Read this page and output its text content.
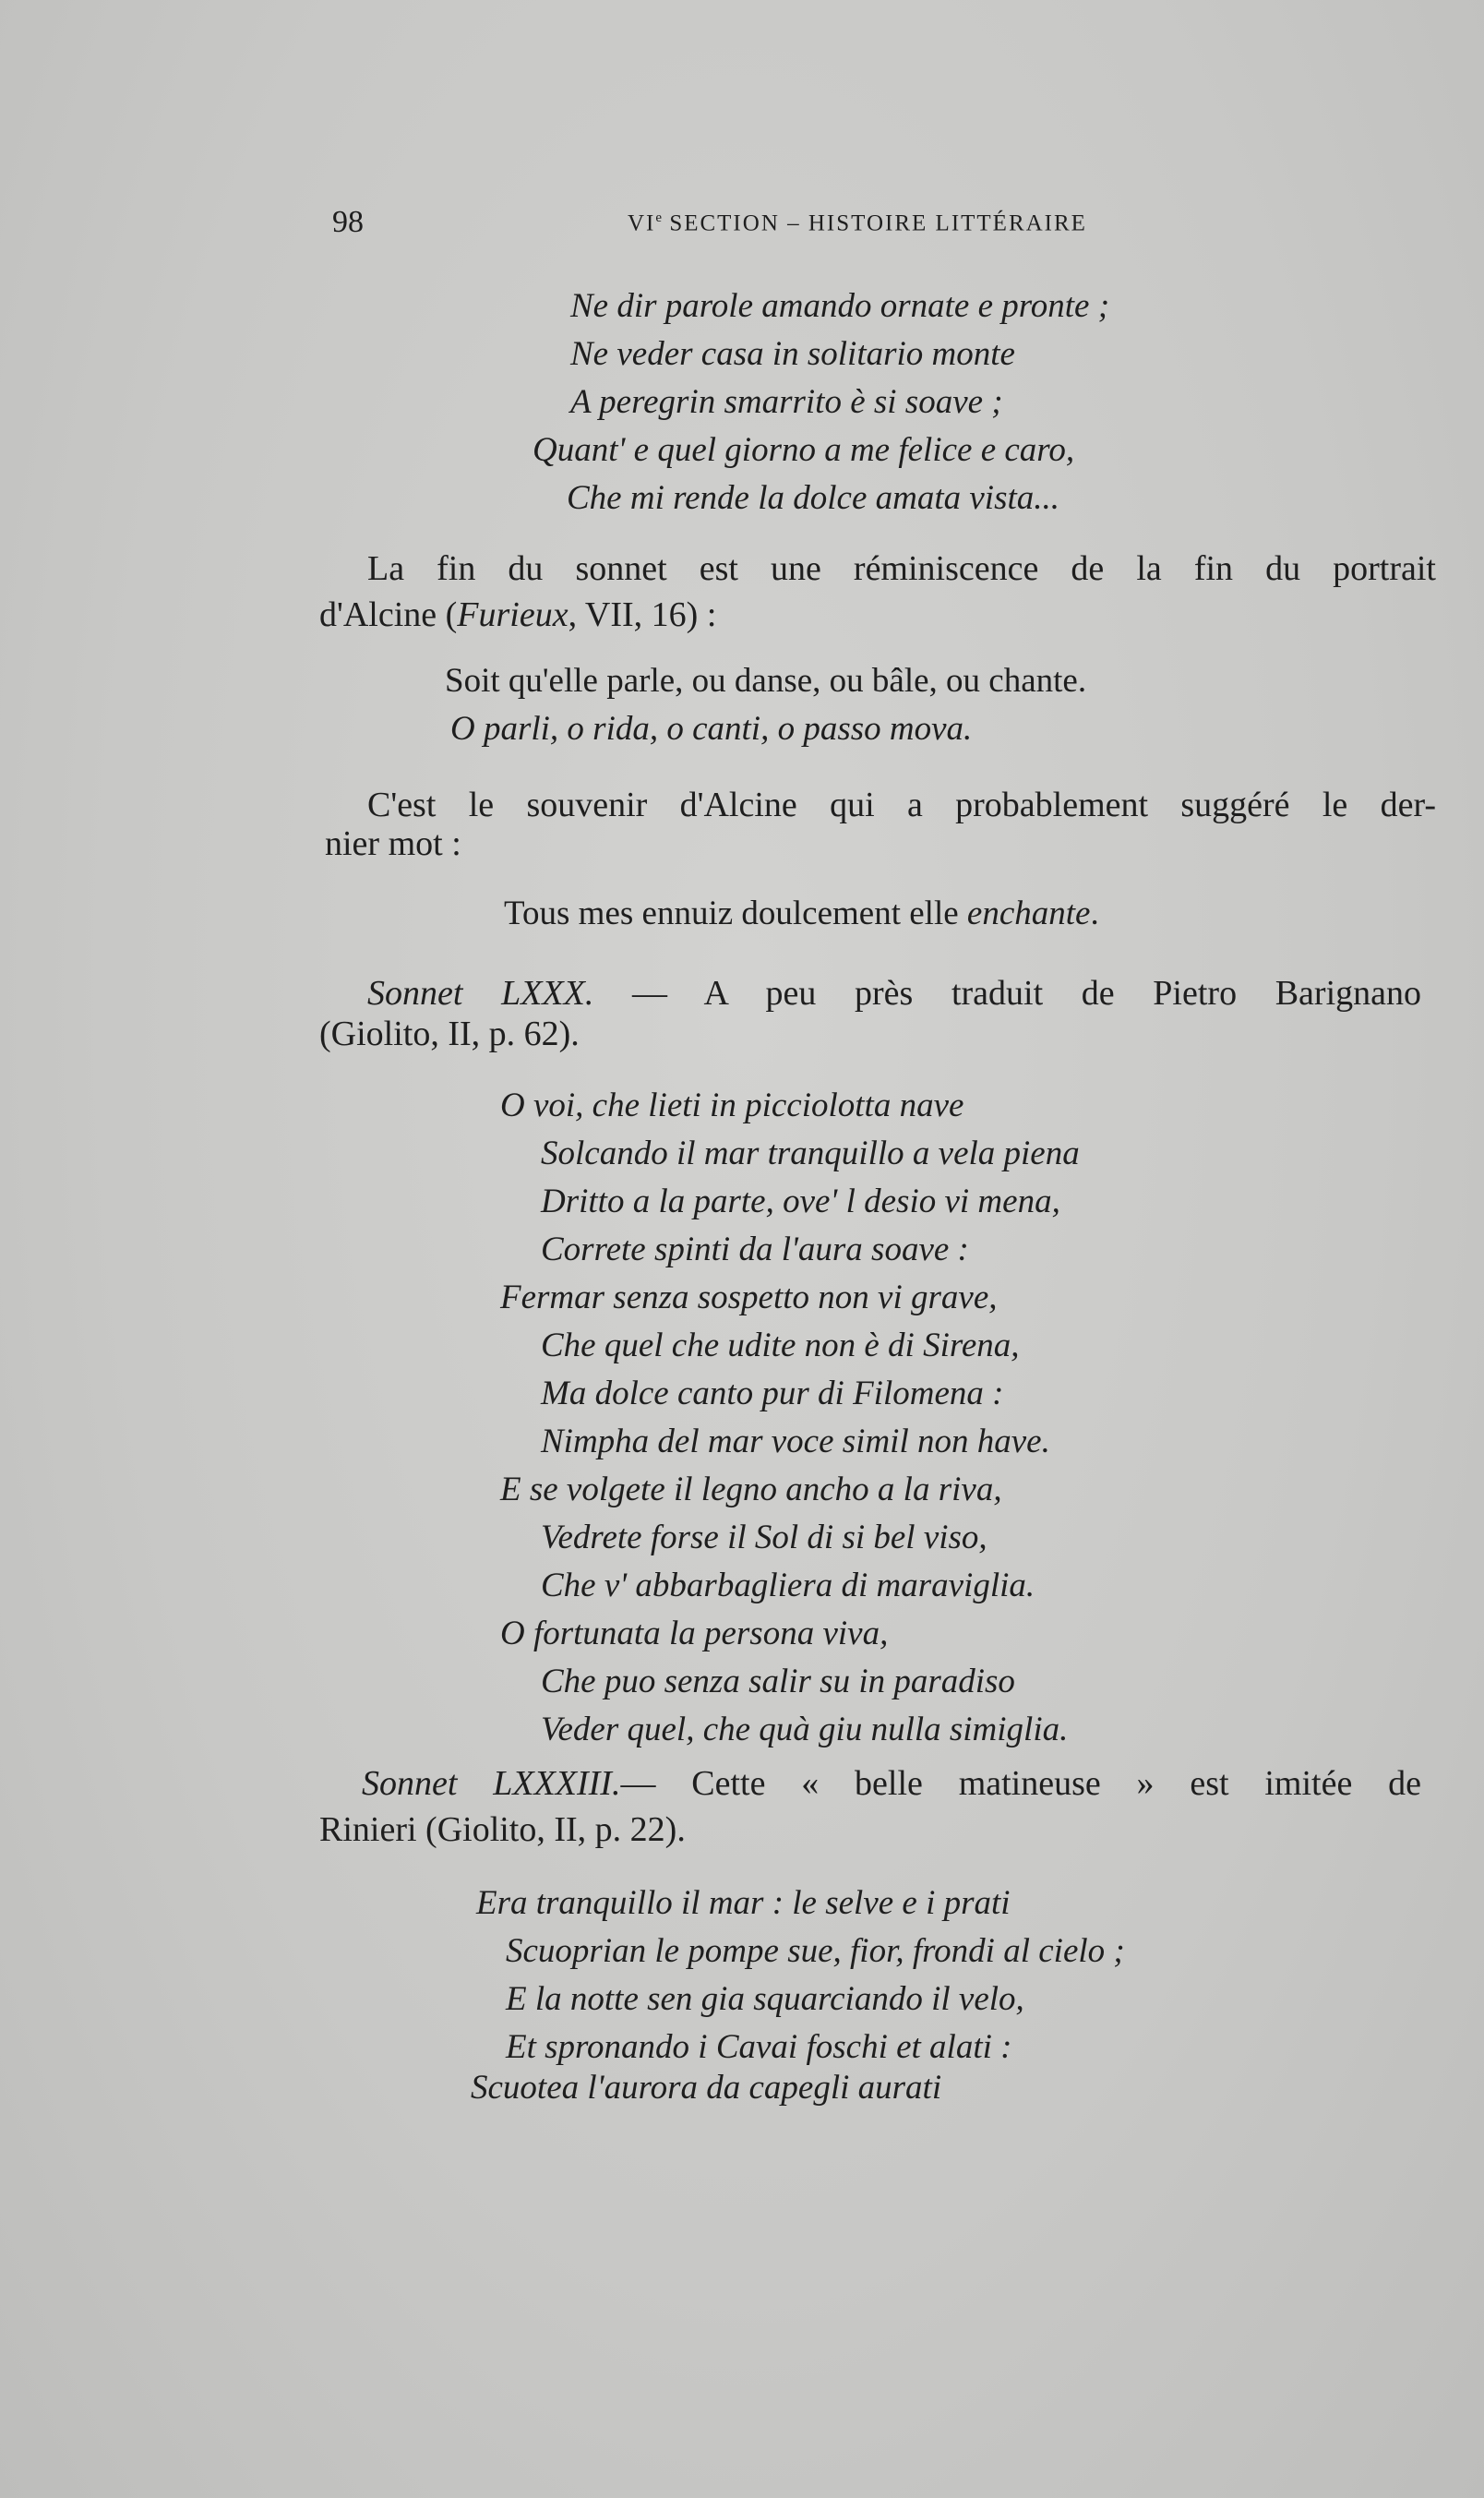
98	VIe SECTION – HISTOIRE LITTÉRAIRE
Ne dir parole amando ornate e pronte ;
Ne veder casa in solitario monte
A peregrin smarrito è si soave ;
Quant' e quel giorno a me felice e caro,
Che mi rende la dolce amata vista...
La fin du sonnet est une réminiscence de la fin du portrait
d'Alcine (Furieux, VII, 16) :
Soit qu'elle parle, ou danse, ou bâle, ou chante.
O parli, o rida, o canti, o passo mova.
C'est le souvenir d'Alcine qui a probablement suggéré le der-
nier mot :
Tous mes ennuiz doulcement elle enchante.
Sonnet LXXX. — A peu près traduit de Pietro Barignano
(Giolito, II, p. 62).
O voi, che lieti in picciolotta nave
Solcando il mar tranquillo a vela piena
Dritto a la parte, ove' l desio vi mena,
Correte spinti da l'aura soave :
Fermar senza sospetto non vi grave,
Che quel che udite non è di Sirena,
Ma dolce canto pur di Filomena :
Nimpha del mar voce simil non have.
E se volgete il legno ancho a la riva,
Vedrete forse il Sol di si bel viso,
Che v' abbarbagliera di maraviglia.
O fortunata la persona viva,
Che puo senza salir su in paradiso
Veder quel, che quà giu nulla simiglia.
Sonnet LXXXIII.— Cette « belle matineuse » est imitée de
Rinieri (Giolito, II, p. 22).
Era tranquillo il mar : le selve e i prati
Scuoprian le pompe sue, fior, frondi al cielo ;
E la notte sen gia squarciando il velo,
Et spronando i Cavai foschi et alati :
Scuotea l'aurora da capegli aurati
